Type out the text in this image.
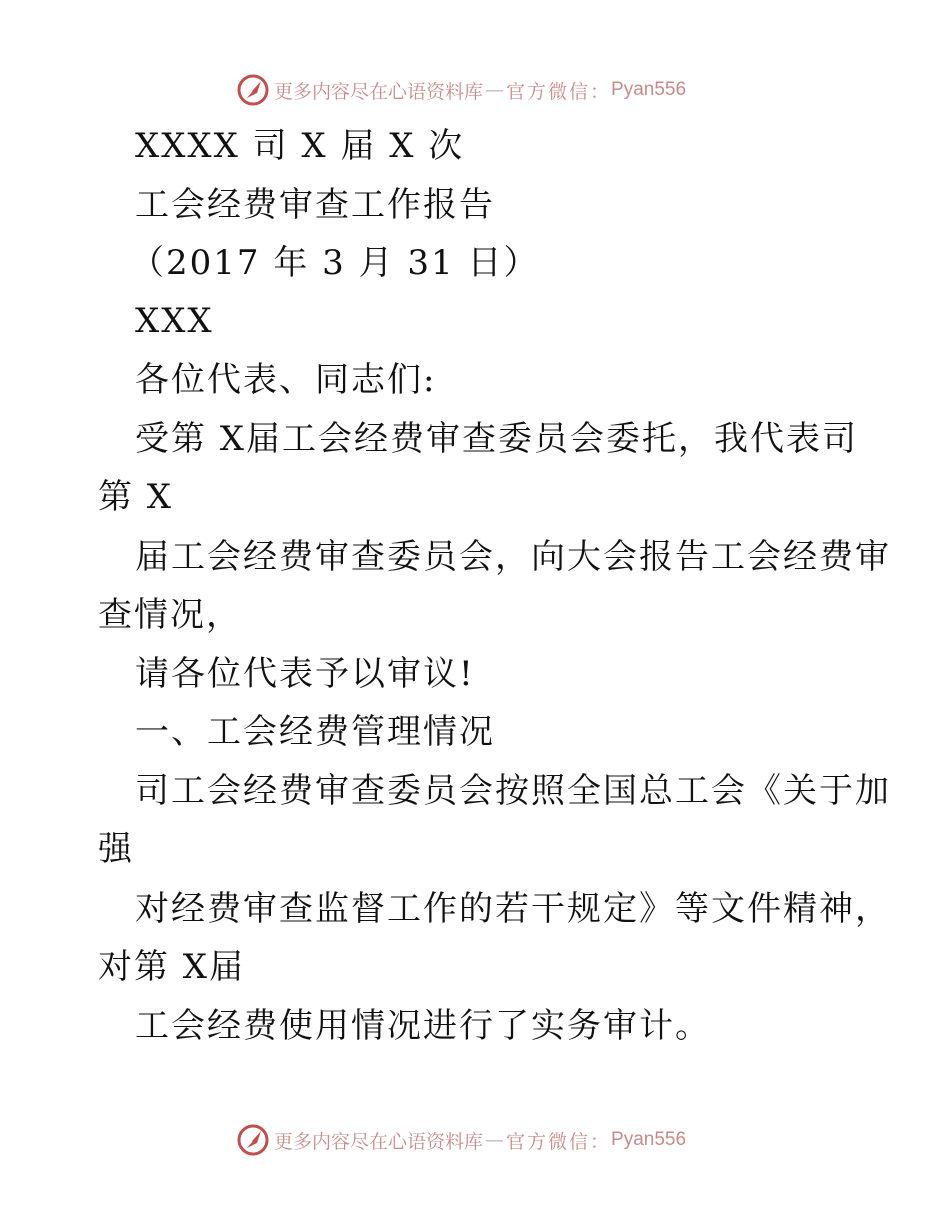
更多内容尽在心语资料库 — 官方微信： Pyan556
XXXX 司 X 届 X 次
工会经费审查工作报告
（2017 年 3 月 31 日）
XXX
各位代表、同志们:
受第 X届工会经费审查委员会委托，我代表司
第 X
届工会经费审查委员会，向大会报告工会经费审
查情况，
请各位代表予以审议!
一、工会经费管理情况
司工会经费审查委员会按照全国总工会《关于加
强
对经费审查监督工作的若干规定》等文件精神，
对第 X届
工会经费使用情况进行了实务审计。
更多内容尽在心语资料库 — 官方微信： Pyan556
